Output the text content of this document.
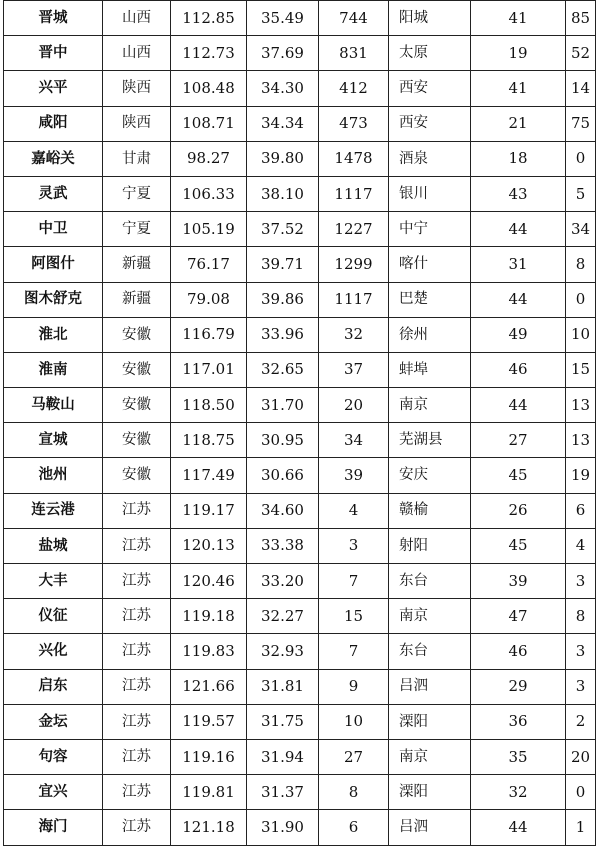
晋城	山西	112.85	35.49	744	阳城	41	85
晋中	山西	112.73	37.69	831	太原	19	52
兴平	陕西	108.48	34.30	412	西安	41	14
咸阳	陕西	108.71	34.34	473	西安	21	75
嘉峪关	甘肃	98.27	39.80	1478	酒泉	18	0
灵武	宁夏	106.33	38.10	1117	银川	43	5
中卫	宁夏	105.19	37.52	1227	中宁	44	34
阿图什	新疆	76.17	39.71	1299	喀什	31	8
图木舒克	新疆	79.08	39.86	1117	巴楚	44	0
淮北	安徽	116.79	33.96	32	徐州	49	10
淮南	安徽	117.01	32.65	37	蚌埠	46	15
马鞍山	安徽	118.50	31.70	20	南京	44	13
宣城	安徽	118.75	30.95	34	芜湖县	27	13
池州	安徽	117.49	30.66	39	安庆	45	19
连云港	江苏	119.17	34.60	4	赣榆	26	6
盐城	江苏	120.13	33.38	3	射阳	45	4
大丰	江苏	120.46	33.20	7	东台	39	3
仪征	江苏	119.18	32.27	15	南京	47	8
兴化	江苏	119.83	32.93	7	东台	46	3
启东	江苏	121.66	31.81	9	吕泗	29	3
金坛	江苏	119.57	31.75	10	溧阳	36	2
句容	江苏	119.16	31.94	27	南京	35	20
宜兴	江苏	119.81	31.37	8	溧阳	32	0
海门	江苏	121.18	31.90	6	吕泗	44	1
